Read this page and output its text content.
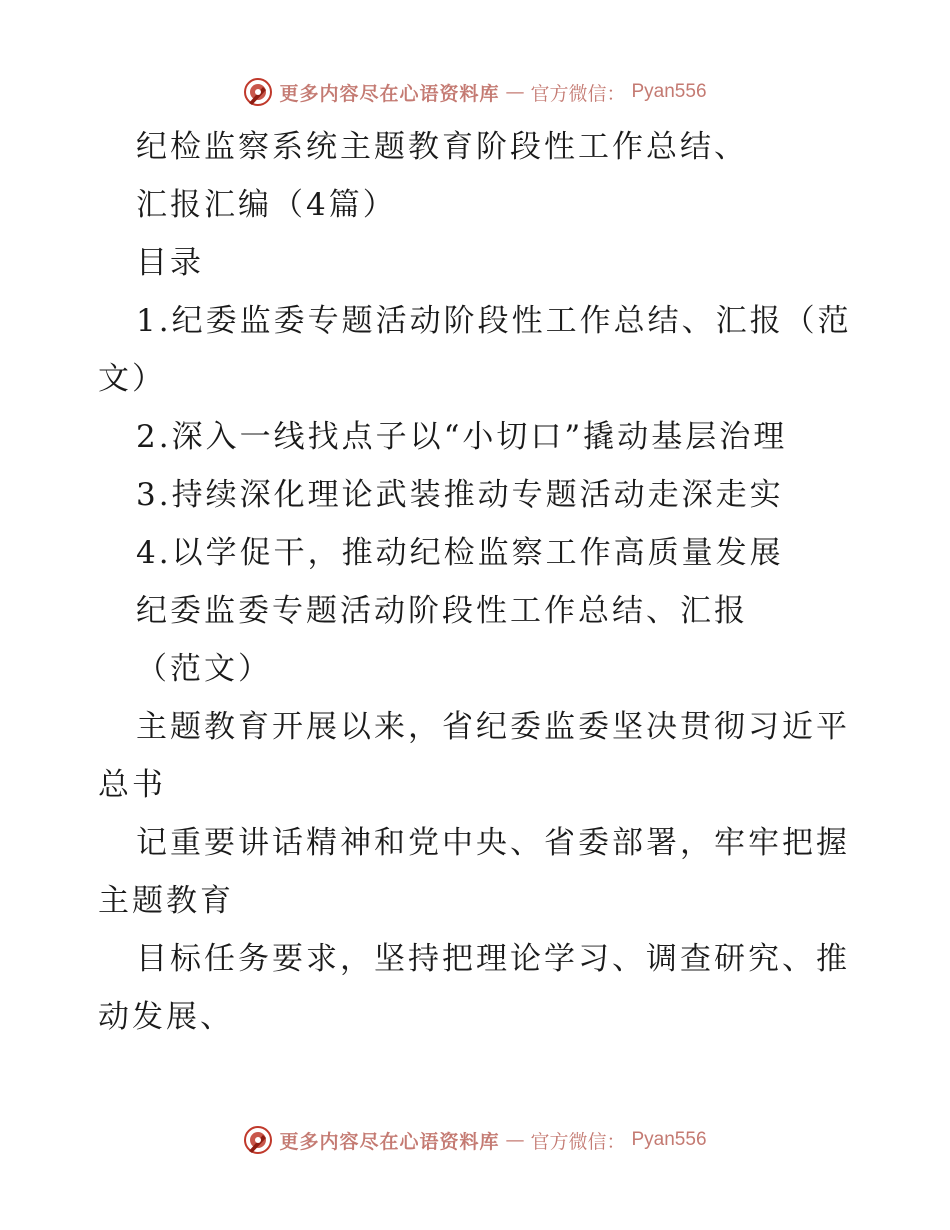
更多内容尽在心语资料库 — 官方微信： Pyan556
纪检监察系统主题教育阶段性工作总结、
汇报汇编（4篇）
目录
1.纪委监委专题活动阶段性工作总结、汇报（范
文）
2.深入一线找点子以“小切口”撬动基层治理
3.持续深化理论武装推动专题活动走深走实
4.以学促干，推动纪检监察工作高质量发展
纪委监委专题活动阶段性工作总结、汇报
（范文）
主题教育开展以来，省纪委监委坚决贯彻习近平
总书
记重要讲话精神和党中央、省委部署，牢牢把握
主题教育
目标任务要求，坚持把理论学习、调查研究、推
动发展、
更多内容尽在心语资料库 — 官方微信： Pyan556
